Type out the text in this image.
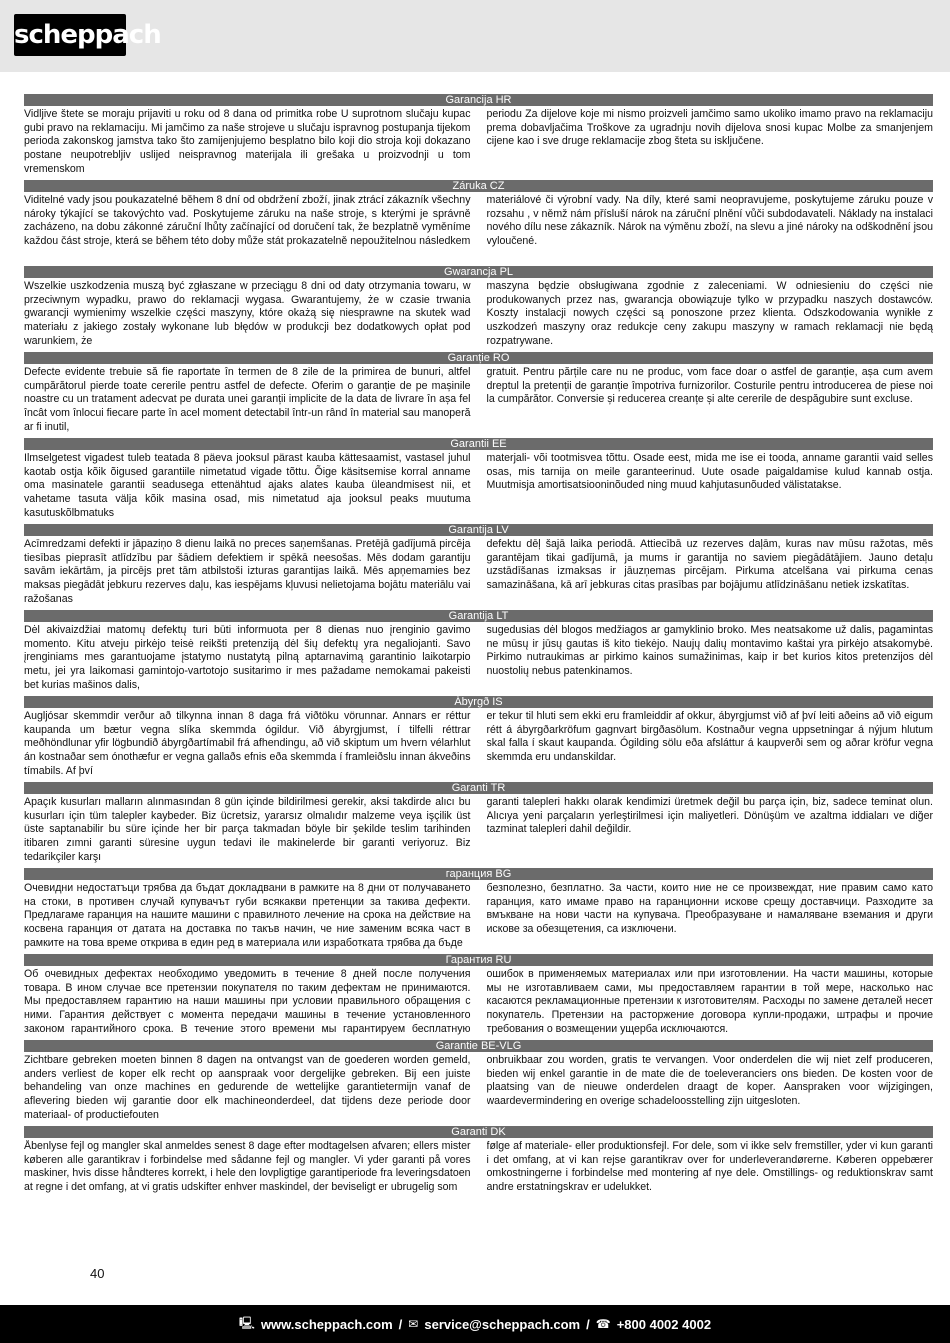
scheppach
Garancija HR
Vidljive štete se moraju prijaviti u roku od 8 dana od primitka robe U suprotnom slučaju kupac gubi pravo na reklamaciju. Mi jamčimo za naše strojeve u slučaju ispravnog postupanja tijekom perioda zakonskog jamstva tako što zamijenjujemo besplatno bilo koji dio stroja koji dokazano postane neupotrebljiv uslijed neispravnog materijala ili grešaka u proizvodnji u tom vremenskom
periodu Za dijelove koje mi nismo proizveli jamčimo samo ukoliko imamo pravo na reklamaciju prema dobavljačima Troškove za ugradnju novih dijelova snosi kupac Molbe za smanjenjem cijene kao i sve druge reklamacije zbog šteta su isključene.
Záruka CZ
Viditelné vady jsou poukazatelné během 8 dní od obdržení zboží, jinak ztrácí zákazník všechny nároky týkající se takovýchto vad. Poskytujeme záruku na naše stroje, s kterými je správně zacházeno, na dobu zákonné záruční lhůty začínající od doručení tak, že bezplatně vyměníme každou část stroje, která se během této doby může stát prokazatelně nepoužitelnou následkem
materiálové či výrobní vady. Na díly, které sami neopravujeme, poskytujeme záruku pouze v rozsahu , v němž nám přísluší nárok na záruční plnění vůči subdodavateli. Náklady na instalaci nového dílu nese zákazník. Nárok na výměnu zboží, na slevu a jiné nároky na odškodnění jsou vyloučené.
Gwarancja PL
Wszelkie uszkodzenia muszą być zgłaszane w przeciągu 8 dni od daty otrzymania towaru, w przeciwnym wypadku, prawo do reklamacji wygasa. Gwarantujemy, że w czasie trwania gwarancji wymienimy wszelkie części maszyny, które okażą się niesprawne na skutek wad materiału z jakiego zostały wykonane lub błędów w produkcji bez dodatkowych opłat pod warunkiem, że
maszyna będzie obsługiwana zgodnie z zaleceniami. W odniesieniu do części nie produkowanych przez nas, gwarancja obowiązuje tylko w przypadku naszych dostawców. Koszty instalacji nowych części są ponoszone przez klienta. Odszkodowania wynikłe z uszkodzeń maszyny oraz redukcje ceny zakupu maszyny w ramach reklamacji nie będą rozpatrywane.
Garanție RO
Defecte evidente trebuie să fie raportate în termen de 8 zile de la primirea de bunuri, altfel cumpărătorul pierde toate cererile pentru astfel de defecte. Oferim o garanție de pe mașinile noastre cu un tratament adecvat pe durata unei garanții implicite de la data de livrare în așa fel încât vom înlocui fiecare parte în acel moment detectabil într-un rând în material sau manoperă ar fi inutil,
gratuit. Pentru părțile care nu ne produc, vom face doar o astfel de garanție, așa cum avem dreptul la pretenții de garanție împotriva furnizorilor. Costurile pentru introducerea de piese noi la cumpărător. Conversie și reducerea creanțe și alte cererile de despăgubire sunt excluse.
Garantii EE
Ilmselgetest vigadest tuleb teatada 8 päeva jooksul pärast kauba kättesaamist, vastasel juhul kaotab ostja kõik õigused garantiile nimetatud vigade tõttu. Õige käsitsemise korral anname oma masinatele garantii seadusega ettenähtud ajaks alates kauba üleandmisest nii, et vahetame tasuta välja kõik masina osad, mis nimetatud aja jooksul peaks muutuma kasutuskõlbmatuks
materjali- või tootmisvea tõttu. Osade eest, mida me ise ei tooda, anname garantii vaid selles osas, mis tarnija on meile garanteerinud. Uute osade paigaldamise kulud kannab ostja. Muutmisja amortisatsiooninõuded ning muud kahjutasunõuded välistatakse.
Garantija LV
Acīmredzami defekti ir jāpaziņo 8 dienu laikā no preces saņemšanas. Pretējā gadījumā pircēja tiesības pieprasīt atlīdzību par šādiem defektiem ir spēkā neesošas. Mēs dodam garantiju savām iekārtām, ja pircējs pret tām atbilstoši izturas garantijas laikā. Mēs apņemamies bez maksas piegādāt jebkuru rezerves daļu, kas iespējams kļuvusi nelietojama bojātu materiālu vai ražošanas
defektu dēļ šajā laika periodā. Attiecībā uz rezerves daļām, kuras nav mūsu ražotas, mēs garantējam tikai gadījumā, ja mums ir garantija no saviem piegādātājiem. Jauno detaļu uzstādīšanas izmaksas ir jāuzņemas pircējam. Pirkuma atcelšana vai pirkuma cenas samazināšana, kā arī jebkuras citas prasības par bojājumu atlīdzināšanu netiek izskatītas.
Garantija LT
Dėl akivaizdžiai matomų defektų turi būti informuota per 8 dienas nuo įrenginio gavimo momento. Kitu atveju pirkėjo teisė reikšti pretenziją dėl šių defektų yra negaliojanti. Savo įrenginiams mes garantuojame įstatymo nustatytą pilną aptarnavimą garantinio laikotarpio metu, jei yra laikomasi gamintojo-vartotojo susitarimo ir mes pažadame nemokamai pakeisti bet kurias mašinos dalis,
sugedusias dėl blogos medžiagos ar gamyklinio broko. Mes neatsakome už dalis, pagamintas ne mūsų ir jūsų gautas iš kito tiekėjo. Naujų dalių montavimo kaštai yra pirkėjo atsakomybė. Pirkimo nutraukimas ar pirkimo kainos sumažinimas, kaip ir bet kurios kitos pretenzijos dėl nuostolių nebus patenkinamos.
Ábyrgð IS
Augljósar skemmdir verður að tilkynna innan 8 daga frá viðtöku vörunnar. Annars er réttur kaupanda um bætur vegna slíka skemmda ógildur. Við ábyrgjumst, í tilfelli réttrar meðhöndlunar yfir lögbundið ábyrgðartímabil frá afhendingu, að við skiptum um hvern vélarhlut án kostnaðar sem ónothæfur er vegna gallaðs efnis eða skemmda í framleiðslu innan ákveðins tímabils. Af því
er tekur til hluti sem ekki eru framleiddir af okkur, ábyrgjumst við af því leiti aðeins að við eigum rétt á ábyrgðarkröfum gagnvart birgðasölum. Kostnaður vegna uppsetningar á nýjum hlutum skal falla í skaut kaupanda. Ógilding sölu eða afsláttur á kaupverði sem og aðrar kröfur vegna skemmda eru undanskildar.
Garanti TR
Apaçık kusurları malların alınmasından 8 gün içinde bildirilmesi gerekir, aksi takdirde alıcı bu kusurları için tüm talepler kaybeder. Biz ücretsiz, yararsız olmalıdır malzeme veya işçilik üst üste saptanabilir bu süre içinde her bir parça takmadan böyle bir şekilde teslim tarihinden itibaren zımni garanti süresine uygun tedavi ile makinelerde bir garanti veriyoruz. Biz tedarikçiler karşı
garanti talepleri hakkı olarak kendimizi üretmek değil bu parça için, biz, sadece teminat olun. Alıcıya yeni parçaların yerleştirilmesi için maliyetleri. Dönüşüm ve azaltma iddiaları ve diğer tazminat talepleri dahil değildir.
гаранция BG
Очевидни недостатъци трябва да бъдат докладвани в рамките на 8 дни от получаването на стоки, в противен случай купувачът губи всякакви претенции за такива дефекти. Предлагаме гаранция на нашите машини с правилното лечение на срока на действие на косвена гаранция от датата на доставка по такъв начин, че ние заменим всяка част в рамките на това време открива в един ред в материала или изработката трябва да бъде
безполезно, безплатно. За части, които ние не се произвеждат, ние правим само като гаранция, като имаме право на гаранционни искове срещу доставчици. Разходите за вмъкване на нови части на купувача. Преобразуване и намаляване вземания и други искове за обезщетения, са изключени.
Гарантия RU
Об очевидных дефектах необходимо уведомить в течение 8 дней после получения товара. В ином случае все претензии покупателя по таким дефектам не принимаются. Мы предоставляем гарантию на наши машины при условии правильного обращения с ними. Гарантия действует с момента передачи машины в течение установленного законом гарантийного срока. В течение этого времени мы гарантируем бесплатную
ошибок в применяемых материалах или при изготовлении. На части машины, которые мы не изготавливаем сами, мы предоставляем гарантии в той мере, насколько нас касаются рекламационные претензии к изготовителям. Расходы по замене деталей несет покупатель. Претензии на расторжение договора купли-продажи, штрафы и прочие требования о возмещении ущерба исключаются.
Garantie BE-VLG
Zichtbare gebreken moeten binnen 8 dagen na ontvangst van de goederen worden gemeld, anders verliest de koper elk recht op aanspraak voor dergelijke gebreken. Bij een juiste behandeling van onze machines en gedurende de wettelijke garantietermijn vanaf de aflevering bieden wij garantie door elk machineonderdeel, dat tijdens deze periode door materiaal- of productiefouten
onbruikbaar zou worden, gratis te vervangen. Voor onderdelen die wij niet zelf produceren, bieden wij enkel garantie in de mate die de toeleveranciers ons bieden. De kosten voor de plaatsing van de nieuwe onderdelen draagt de koper. Aanspraken voor wijzigingen, waardevermindering en overige schadeloosstelling zijn uitgesloten.
Garanti DK
Åbenlyse fejl og mangler skal anmeldes senest 8 dage efter modtagelsen afvaren; ellers mister køberen alle garantikrav i forbindelse med sådanne fejl og mangler. Vi yder garanti på vores maskiner, hvis disse håndteres korrekt, i hele den lovpligtige garantiperiode fra leveringsdatoen at regne i det omfang, at vi gratis udskifter enhver maskindel, der beviseligt er ubrugelig som
følge af materiale- eller produktionsfejl. For dele, som vi ikke selv fremstiller, yder vi kun garanti i det omfang, at vi kan rejse garantikrav over for underleverandørerne. Køberen oppebærer omkostningerne i forbindelse med montering af nye dele. Omstillings- og reduktionskrav samt andre erstatningskrav er udelukket.
40
🖳 www.scheppach.com / ✉ service@scheppach.com / ☎ +800 4002 4002
